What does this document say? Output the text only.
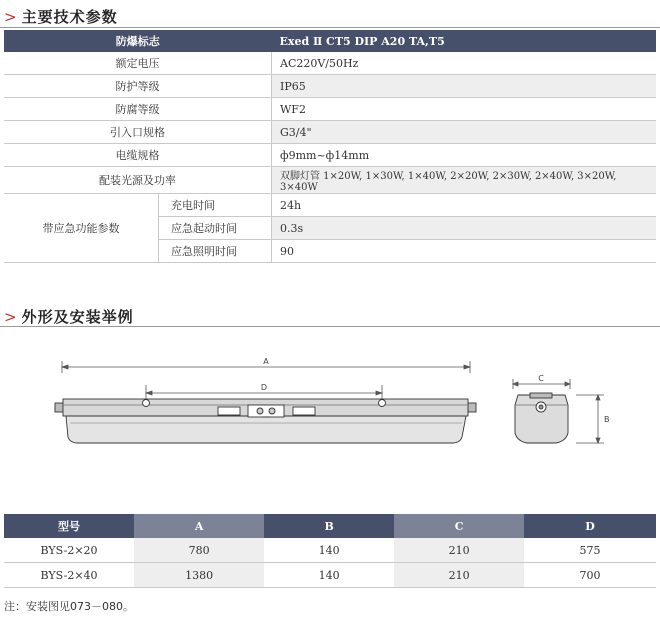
> 主要技术参数
防爆标志		Exed Ⅱ CT5 DIP A20 TA,T5
额定电压		AC220V/50Hz
防护等级		IP65
防腐等级		WF2
引入口规格		G3/4"
电缆规格		ф9mm~ф14mm
配装光源及功率		双脚灯管 1×20W, 1×30W, 1×40W, 2×20W, 2×30W, 2×40W, 3×20W, 3×40W
带应急功能参数	充电时间	24h
	应急起动时间	0.3s
	应急照明时间	90
> 外形及安装举例
A
D
C
B
型号	A	B	C	D
BYS-2×20	780	140	210	575
BYS-2×40	1380	140	210	700
注：安装图见073－080。
